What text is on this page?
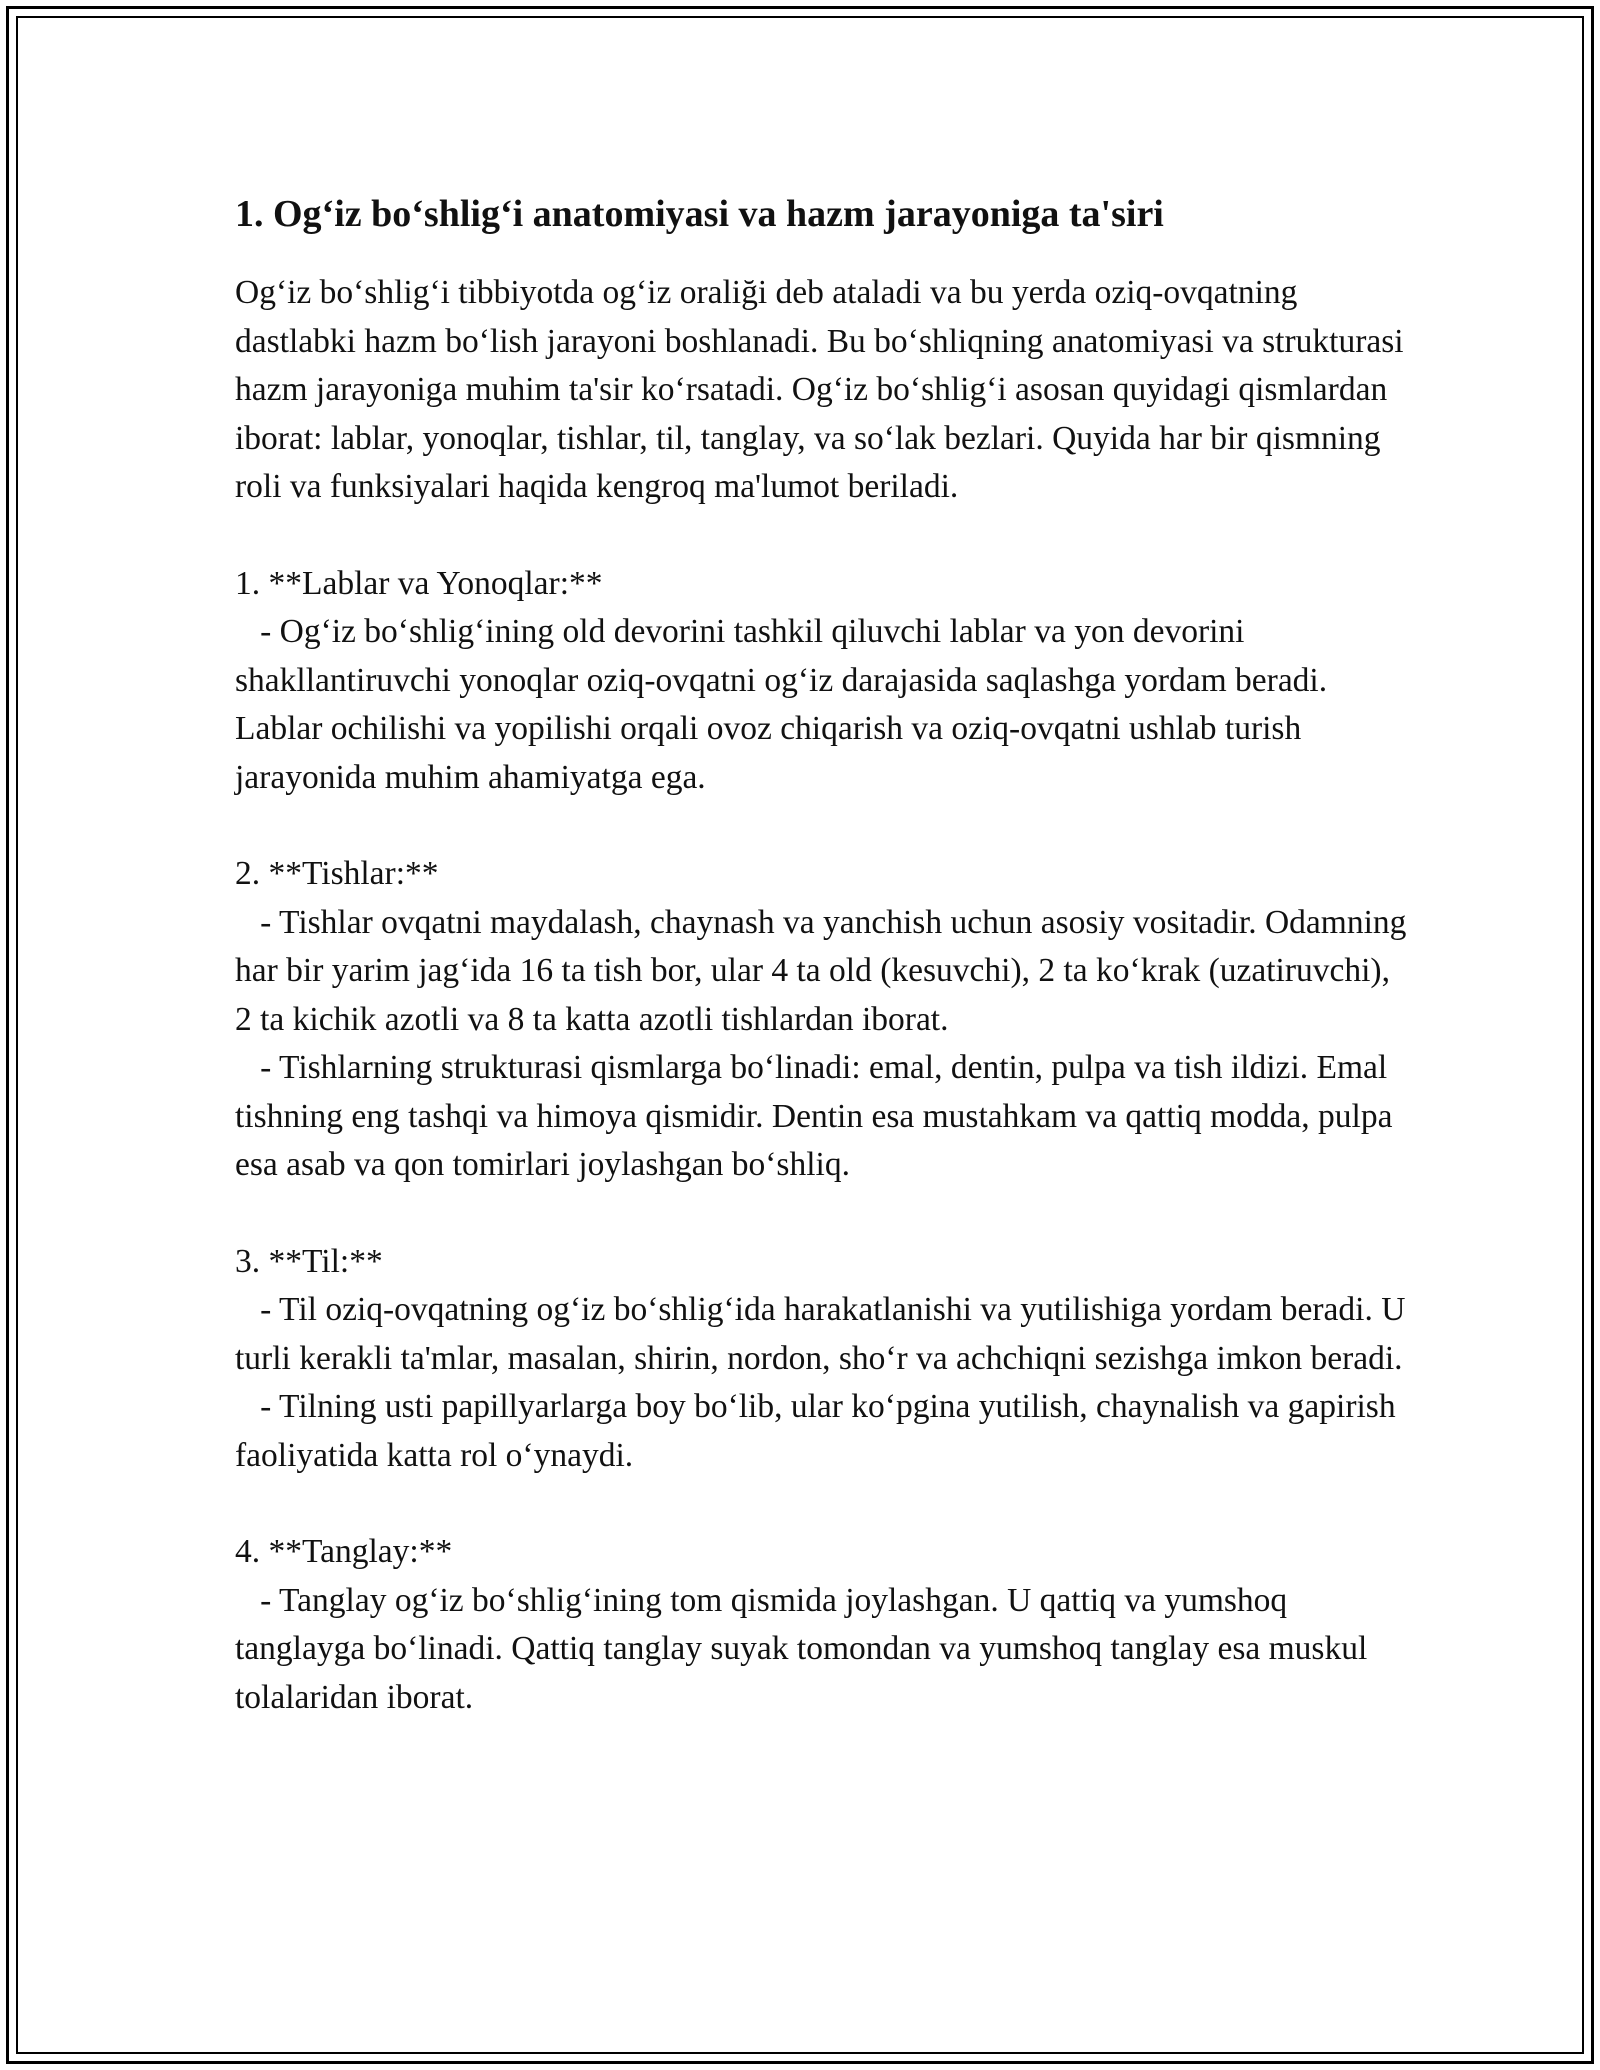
1. Og‘iz bo‘shlig‘i anatomiyasi va hazm jarayoniga ta'siri

Og‘iz bo‘shlig‘i tibbiyotda og‘iz oraliği deb ataladi va bu yerda oziq-ovqatning dastlabki hazm bo‘lish jarayoni boshlanadi. Bu bo‘shliqning anatomiyasi va strukturasi hazm jarayoniga muhim ta'sir ko‘rsatadi. Og‘iz bo‘shlig‘i asosan quyidagi qismlardan iborat: lablar, yonoqlar, tishlar, til, tanglay, va so‘lak bezlari. Quyida har bir qismning roli va funksiyalari haqida kengroq ma'lumot beriladi.

1. **Lablar va Yonoqlar:**

- Og‘iz bo‘shlig‘ining old devorini tashkil qiluvchi lablar va yon devorini shakllantiruvchi yonoqlar oziq-ovqatni og‘iz darajasida saqlashga yordam beradi. Lablar ochilishi va yopilishi orqali ovoz chiqarish va oziq-ovqatni ushlab turish jarayonida muhim ahamiyatga ega.

2. **Tishlar:**

- Tishlar ovqatni maydalash, chaynash va yanchish uchun asosiy vositadir. Odamning har bir yarim jag‘ida 16 ta tish bor, ular 4 ta old (kesuvchi), 2 ta ko‘krak (uzatiruvchi), 2 ta kichik azotli va 8 ta katta azotli tishlardan iborat.

- Tishlarning strukturasi qismlarga bo‘linadi: emal, dentin, pulpa va tish ildizi. Emal tishning eng tashqi va himoya qismidir. Dentin esa mustahkam va qattiq modda, pulpa esa asab va qon tomirlari joylashgan bo‘shliq.

3. **Til:**

- Til oziq-ovqatning og‘iz bo‘shlig‘ida harakatlanishi va yutilishiga yordam beradi. U turli kerakli ta'mlar, masalan, shirin, nordon, sho‘r va achchiqni sezishga imkon beradi.

- Tilning usti papillyarlarga boy bo‘lib, ular ko‘pgina yutilish, chaynalish va gapirish faoliyatida katta rol o‘ynaydi.

4. **Tanglay:**

- Tanglay og‘iz bo‘shlig‘ining tom qismida joylashgan. U qattiq va yumshoq tanglayga bo‘linadi. Qattiq tanglay suyak tomondan va yumshoq tanglay esa muskul tolalaridan iborat.
